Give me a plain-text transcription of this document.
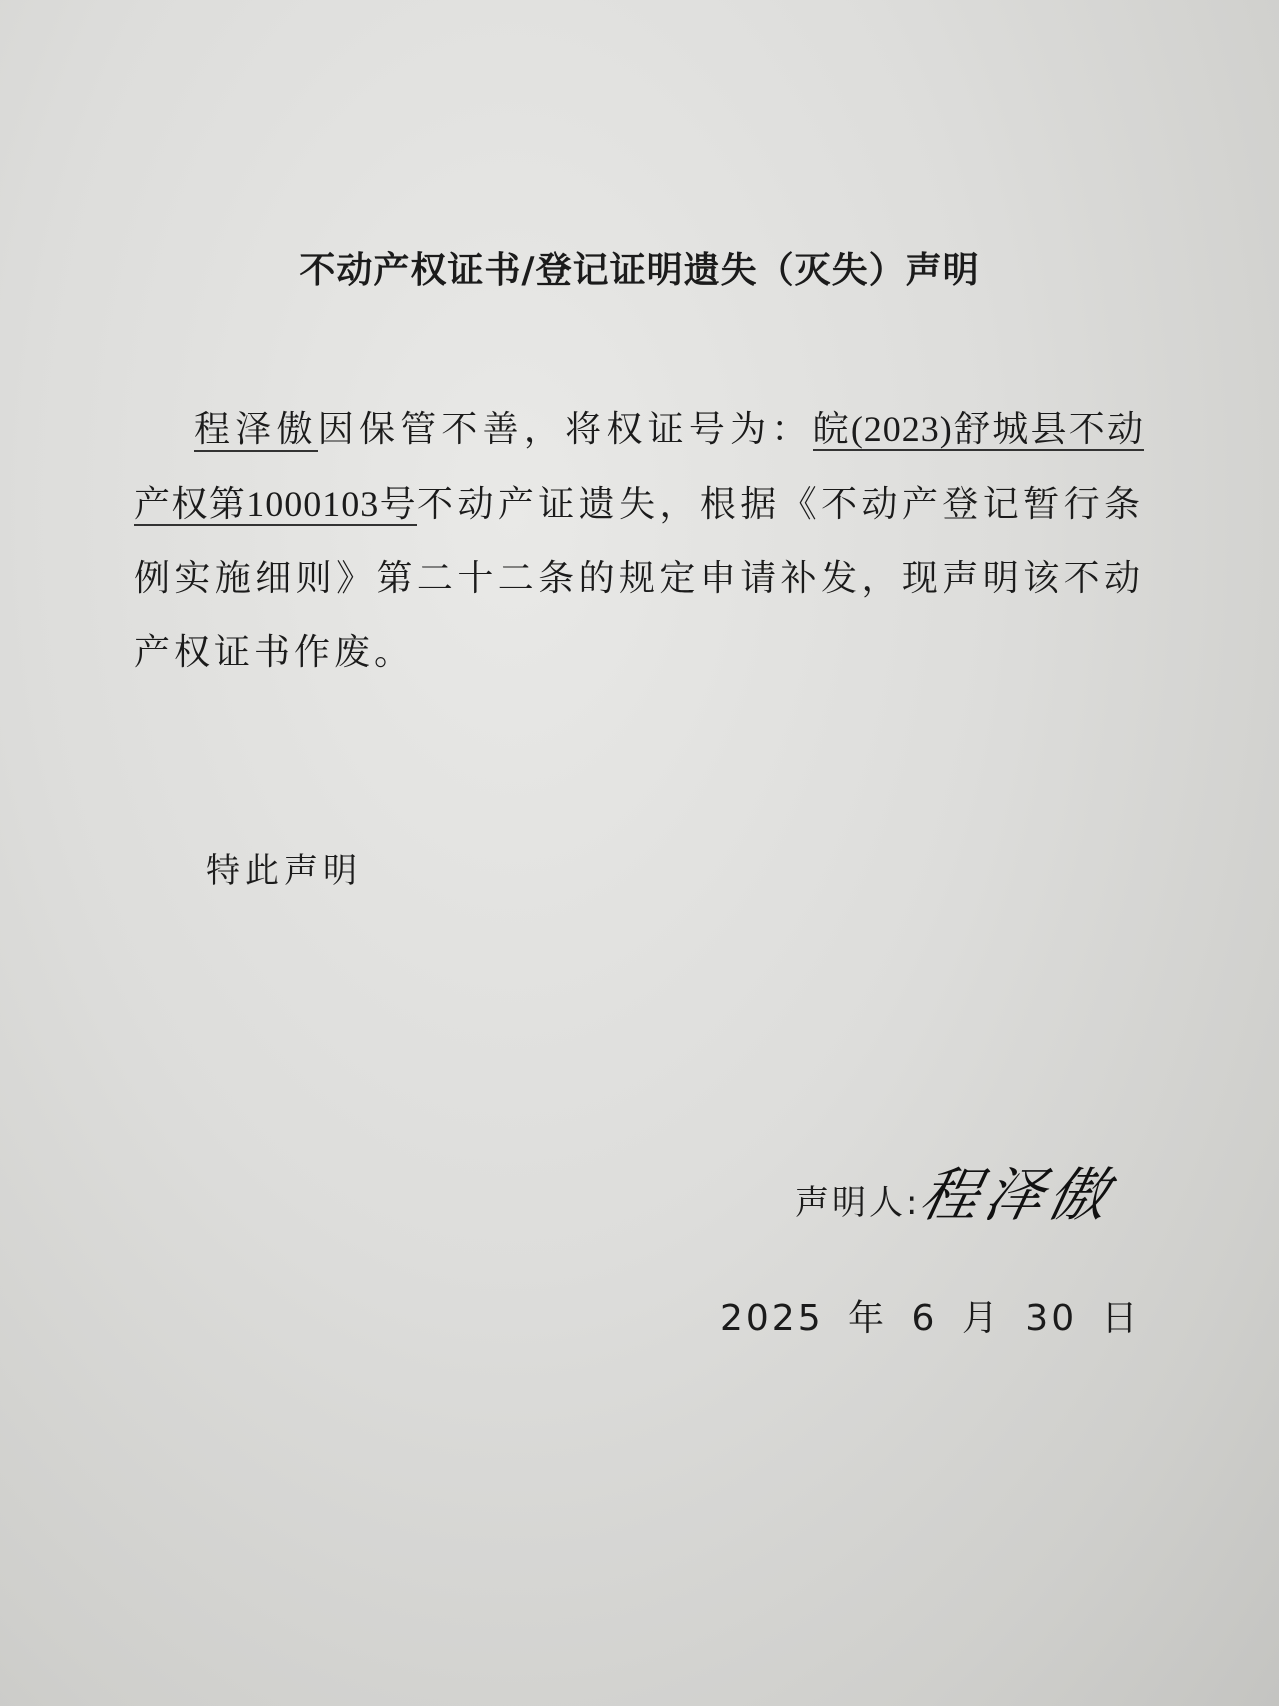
不动产权证书/登记证明遗失（灭失）声明

程泽傲因保管不善，将权证号为：皖(2023)舒城县不动产权第1000103号不动产证遗失，根据《不动产登记暂行条例实施细则》第二十二条的规定申请补发，现声明该不动产权证书作废。

特此声明
声明人:
程泽傲
2025 年 6 月 30 日
